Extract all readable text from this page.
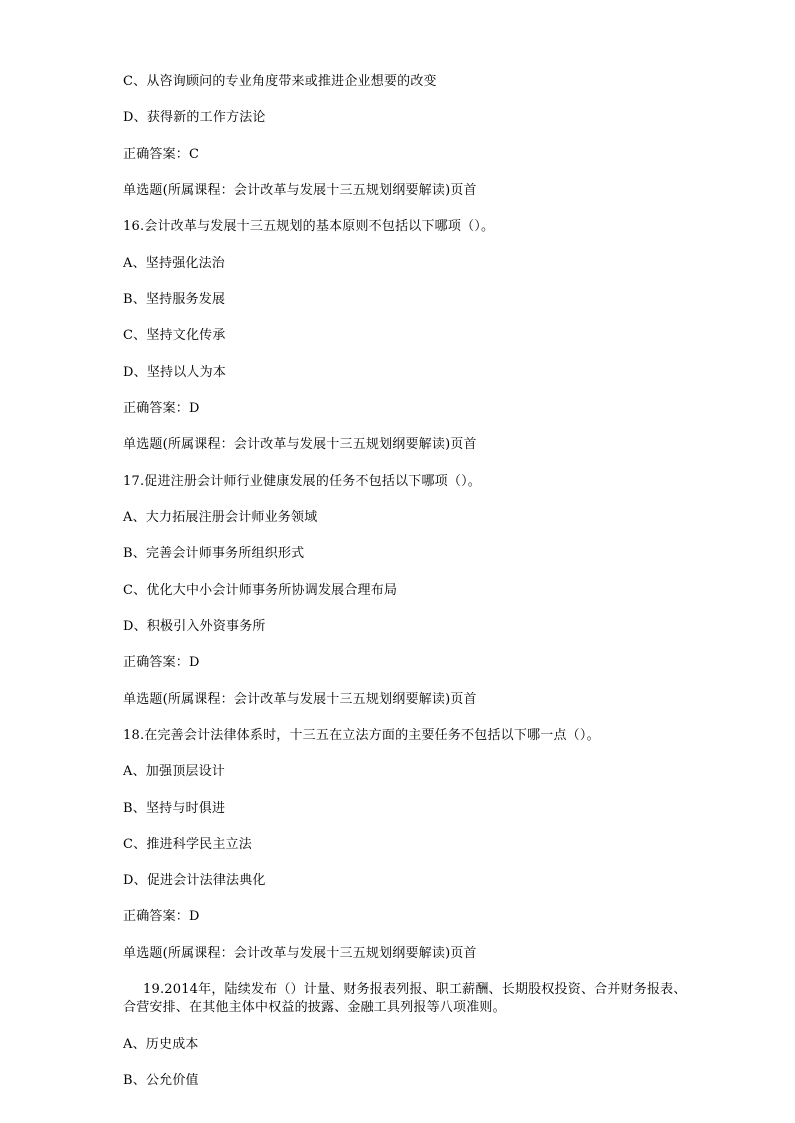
C、从咨询顾问的专业角度带来或推进企业想要的改变
D、获得新的工作方法论
正确答案：C
单选题(所属课程：会计改革与发展十三五规划纲要解读)页首
16.会计改革与发展十三五规划的基本原则不包括以下哪项（）。
A、坚持强化法治
B、坚持服务发展
C、坚持文化传承
D、坚持以人为本
正确答案：D
单选题(所属课程：会计改革与发展十三五规划纲要解读)页首
17.促进注册会计师行业健康发展的任务不包括以下哪项（）。
A、大力拓展注册会计师业务领域
B、完善会计师事务所组织形式
C、优化大中小会计师事务所协调发展合理布局
D、积极引入外资事务所
正确答案：D
单选题(所属课程：会计改革与发展十三五规划纲要解读)页首
18.在完善会计法律体系时，十三五在立法方面的主要任务不包括以下哪一点（）。
A、加强顶层设计
B、坚持与时俱进
C、推进科学民主立法
D、促进会计法律法典化
正确答案：D
单选题(所属课程：会计改革与发展十三五规划纲要解读)页首
19.2014年，陆续发布（）计量、财务报表列报、职工薪酬、长期股权投资、合并财务报表、
合营安排、在其他主体中权益的披露、金融工具列报等八项准则。
A、历史成本
B、公允价值
